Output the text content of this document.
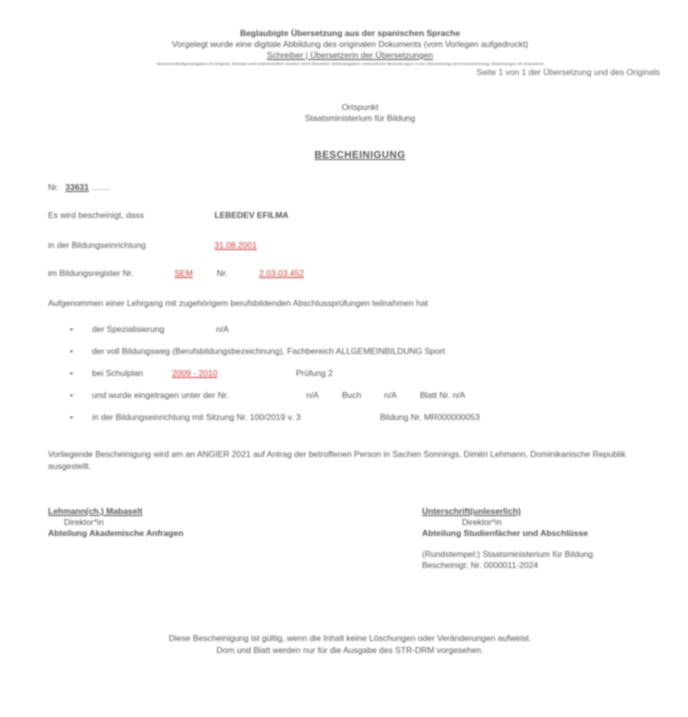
Beglaubigte Übersetzung aus der spanischen Sprache
Vorgelegt wurde eine digitale Abbildung des originalen Dokuments (vom Vorlegen aufgedruckt)
Schreiber | Übersetzerin der Übersetzungen
Sachverständigenangaben im Original, Stempel und Unterschriften wurden nicht übersetzt; Seitenangaben; unleserliche Bemerkungen in der Übersetzung mit Kennzeichnung; Abkürzungen im Dokument
Seite 1 von 1 der Übersetzung und des Originals
Ortspunkt
Staatsministerium für Bildung
BESCHEINIGUNG
Nr. 33631 ........
Es wird bescheinigt, dass	LEBEDEV EFILMA
in der Bildungseinrichtung	31.08.2001
im Bildungsregister Nr.	SEM	Nr.	2.03.03.452
Aufgenommen einer Lehrgang mit zugehörigem berufsbildenden Abschlussprüfungen teilnahmen hat
• der Spezialisierung	n/A
• der voll Bildungsweg (Berufsbildungsbezeichnung), Fachbereich ALLGEMEINBILDUNG Sport
• bei Schulplan	2009 - 2010	Prüfung 2
• und wurde eingetragen unter der Nr.	n/A	Buch	n/A	Blatt Nr. n/A
• in der Bildungseinrichtung mit Sitzung Nr. 100/2019 v. 3	Bildung Nr. MR000000053
Vorliegende Bescheinigung wird am an ANGIER 2021 auf Antrag der betroffenen Person in Sachen Sonnings, Dimitri Lehmann, Dominikanische Republik ausgestellt.
Lehmann(ch.) Mabaselt
Direktor*in
Abteilung Akademische Anfragen
Unterschrift(unleserlich)
Direktor*in
Abteilung Studienfächer und Abschlüsse
(Rundstempel:) Staatsministerium für Bildung
Bescheinigt: Nr. 0000011-2024
Diese Bescheinigung ist gültig, wenn die Inhalt keine Löschungen oder Veränderungen aufweist.
Dom und Blatt werden nur für die Ausgabe des STR-DRM vorgesehen.
